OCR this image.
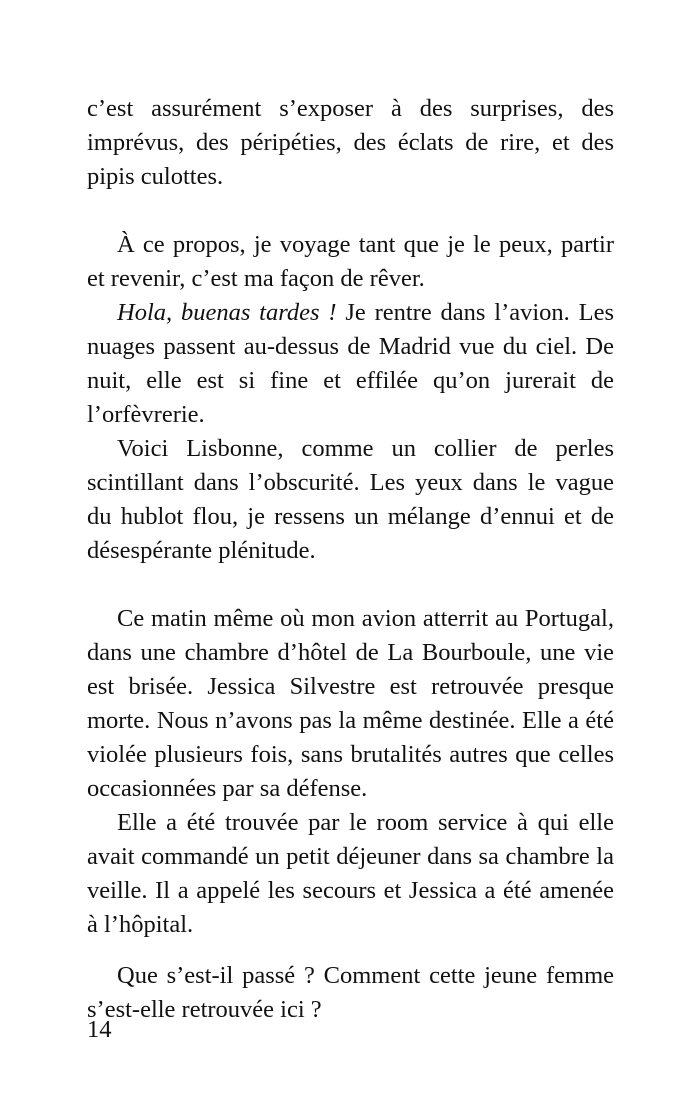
c’est assurément s’exposer à des surprises, des imprévus, des péripéties, des éclats de rire, et des pipis culottes.

À ce propos, je voyage tant que je le peux, partir et revenir, c’est ma façon de rêver.

Hola, buenas tardes ! Je rentre dans l’avion. Les nuages passent au-dessus de Madrid vue du ciel. De nuit, elle est si fine et effilée qu’on jurerait de l’orfèvrerie.

Voici Lisbonne, comme un collier de perles scintillant dans l’obscurité. Les yeux dans le vague du hublot flou, je ressens un mélange d’ennui et de désespérante plénitude.

Ce matin même où mon avion atterrit au Portugal, dans une chambre d’hôtel de La Bourboule, une vie est brisée. Jessica Silvestre est retrouvée presque morte. Nous n’avons pas la même destinée. Elle a été violée plusieurs fois, sans brutalités autres que celles occasionnées par sa défense.

Elle a été trouvée par le room service à qui elle avait commandé un petit déjeuner dans sa chambre la veille. Il a appelé les secours et Jessica a été amenée à l’hôpital.

Que s’est-il passé ? Comment cette jeune femme s’est-elle retrouvée ici ?

14
